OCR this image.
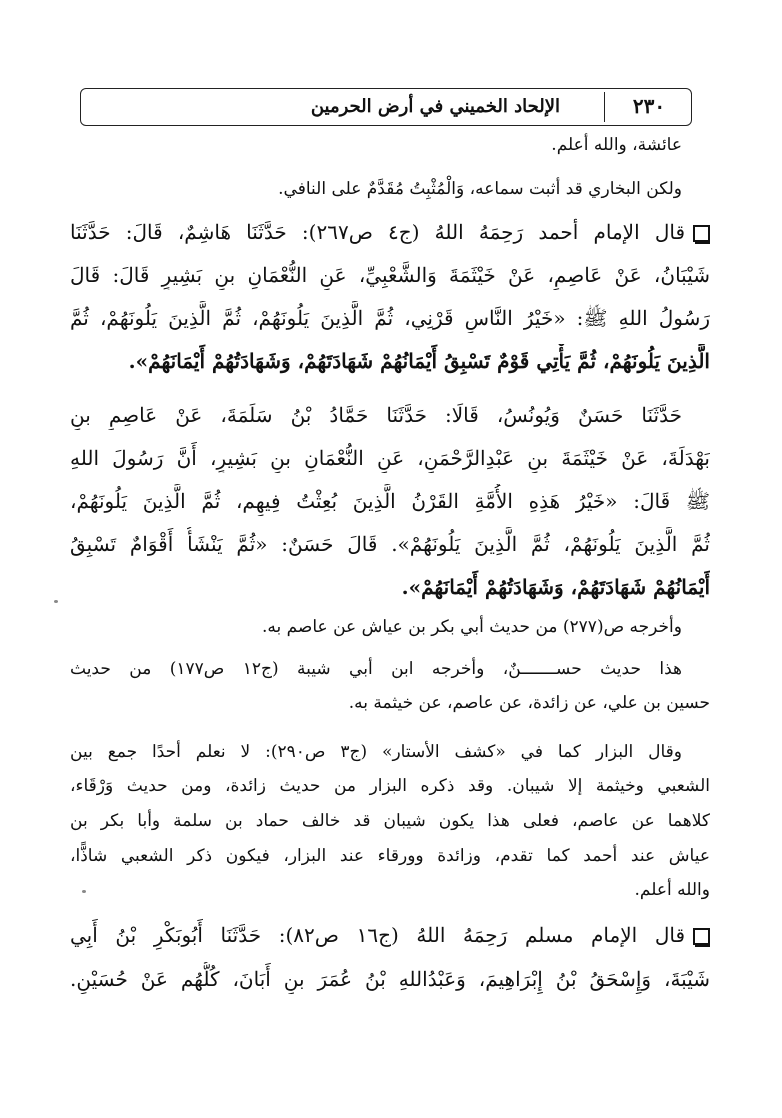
الإلحاد الخميني في أرض الحرمين	٢٣٠

عائشة، والله أعلم.

ولكن البخاري قد أثبت سماعه، وَالْمُثْبِتُ مُقَدَّمٌ على النافي.

قال الإمام أحمد رَحِمَهُ اللهُ (ج٤ ص٢٦٧): حَدَّثَنَا هَاشِمٌ، قَالَ: حَدَّثَنَا

شَيْبَانُ، عَنْ عَاصِمٍ، عَنْ خَيْثَمَةَ وَالشَّعْبِيِّ، عَنِ النُّعْمَانِ بنِ بَشِيرٍ قَالَ: قَالَ

رَسُولُ اللهِ ﷺ: «خَيْرُ النَّاسِ قَرْنِي، ثُمَّ الَّذِينَ يَلُونَهُمْ، ثُمَّ الَّذِينَ يَلُونَهُمْ، ثُمَّ

الَّذِينَ يَلُونَهُمْ، ثُمَّ يَأْتِي قَوْمٌ تَسْبِقُ أَيْمَانُهُمْ شَهَادَتَهُمْ، وَشَهَادَتُهُمْ أَيْمَانَهُمْ».

حَدَّثَنَا حَسَنٌ وَيُونُسُ، قَالَا: حَدَّثَنَا حَمَّادُ بْنُ سَلَمَةَ، عَنْ عَاصِمِ بنِ

بَهْدَلَةَ، عَنْ خَيْثَمَةَ بنِ عَبْدِالرَّحْمَنِ، عَنِ النُّعْمَانِ بنِ بَشِيرٍ، أَنَّ رَسُولَ اللهِ

ﷺ قَالَ: «خَيْرُ هَذِهِ الأُمَّةِ القَرْنُ الَّذِينَ بُعِثْتُ فِيهِم، ثُمَّ الَّذِينَ يَلُونَهُمْ،

ثُمَّ الَّذِينَ يَلُونَهُمْ، ثُمَّ الَّذِينَ يَلُونَهُمْ». قَالَ حَسَنٌ: «ثُمَّ يَنْشَأُ أَقْوَامٌ تَسْبِقُ

أَيْمَانُهُمْ شَهَادَتَهُمْ، وَشَهَادَتُهُمْ أَيْمَانَهُمْ».

وأخرجه ص(٢٧٧) من حديث أبي بكر بن عياش عن عاصم به.

هذا حديث حســـــــنٌ، وأخرجه ابن أبي شيبة (ج١٢ ص١٧٧) من حديث

حسين بن علي، عن زائدة، عن عاصم، عن خيثمة به.

وقال البزار كما في «كشف الأستار» (ج٣ ص٢٩٠): لا نعلم أحدًا جمع بين

الشعبي وخيثمة إلا شيبان. وقد ذكره البزار من حديث زائدة، ومن حديث وَرْقَاء،

كلاهما عن عاصم، فعلى هذا يكون شيبان قد خالف حماد بن سلمة وأبا بكر بن

عياش عند أحمد كما تقدم، وزائدة وورقاء عند البزار، فيكون ذكر الشعبي شاذًّا،

والله أعلم.

قال الإمام مسلم رَحِمَهُ اللهُ (ج١٦ ص٨٢): حَدَّثَنَا أَبُوبَكْرِ بْنُ أَبِي

شَيْبَةَ، وَإِسْحَقُ بْنُ إِبْرَاهِيمَ، وَعَبْدُاللهِ بْنُ عُمَرَ بنِ أَبَانَ، كُلُّهُم عَنْ حُسَيْنٍ.
